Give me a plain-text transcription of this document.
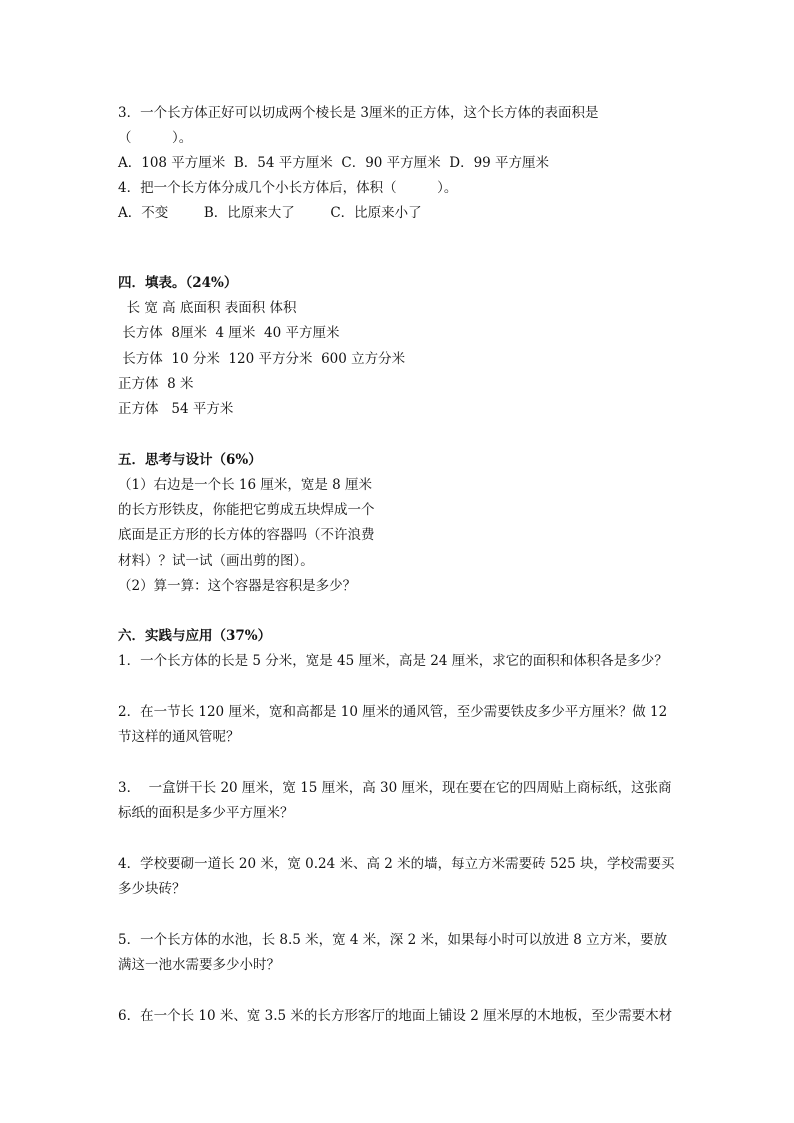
3．一个长方体正好可以切成两个棱长是 3厘米的正方体，这个长方体的表面积是
（　　　）。
A．108 平方厘米  B．54 平方厘米  C．90 平方厘米  D．99 平方厘米
4．把一个长方体分成几个小长方体后，体积（　　　）。
A．不变　　  B．比原来大了　　  C．比原来小了
四．填表。（24%）
长 宽 高 底面积 表面积 体积
长方体  8厘米  4 厘米  40 平方厘米
长方体  10 分米  120 平方分米  600 立方分米
正方体  8 米
正方体   54 平方米
五．思考与设计（6%）
（1）右边是一个长 16 厘米，宽是 8 厘米
的长方形铁皮，你能把它剪成五块焊成一个
底面是正方形的长方体的容器吗（不许浪费
材料）？试一试（画出剪的图）。
（2）算一算：这个容器是容积是多少？
六．实践与应用（37%）
1．一个长方体的长是 5 分米，宽是 45 厘米，高是 24 厘米，求它的面积和体积各是多少？
2．在一节长 120 厘米，宽和高都是 10 厘米的通风管，至少需要铁皮多少平方厘米？做 12
节这样的通风管呢？
3．  一盒饼干长 20 厘米，宽 15 厘米，高 30 厘米，现在要在它的四周贴上商标纸，这张商
标纸的面积是多少平方厘米？
4．学校要砌一道长 20 米，宽 0.24 米、高 2 米的墙，每立方米需要砖 525 块，学校需要买
多少块砖？
5．一个长方体的水池，长 8.5 米，宽 4 米，深 2 米，如果每小时可以放进 8 立方米，要放
满这一池水需要多少小时？
6．在一个长 10 米、宽 3.5 米的长方形客厅的地面上铺设 2 厘米厚的木地板，至少需要木材
